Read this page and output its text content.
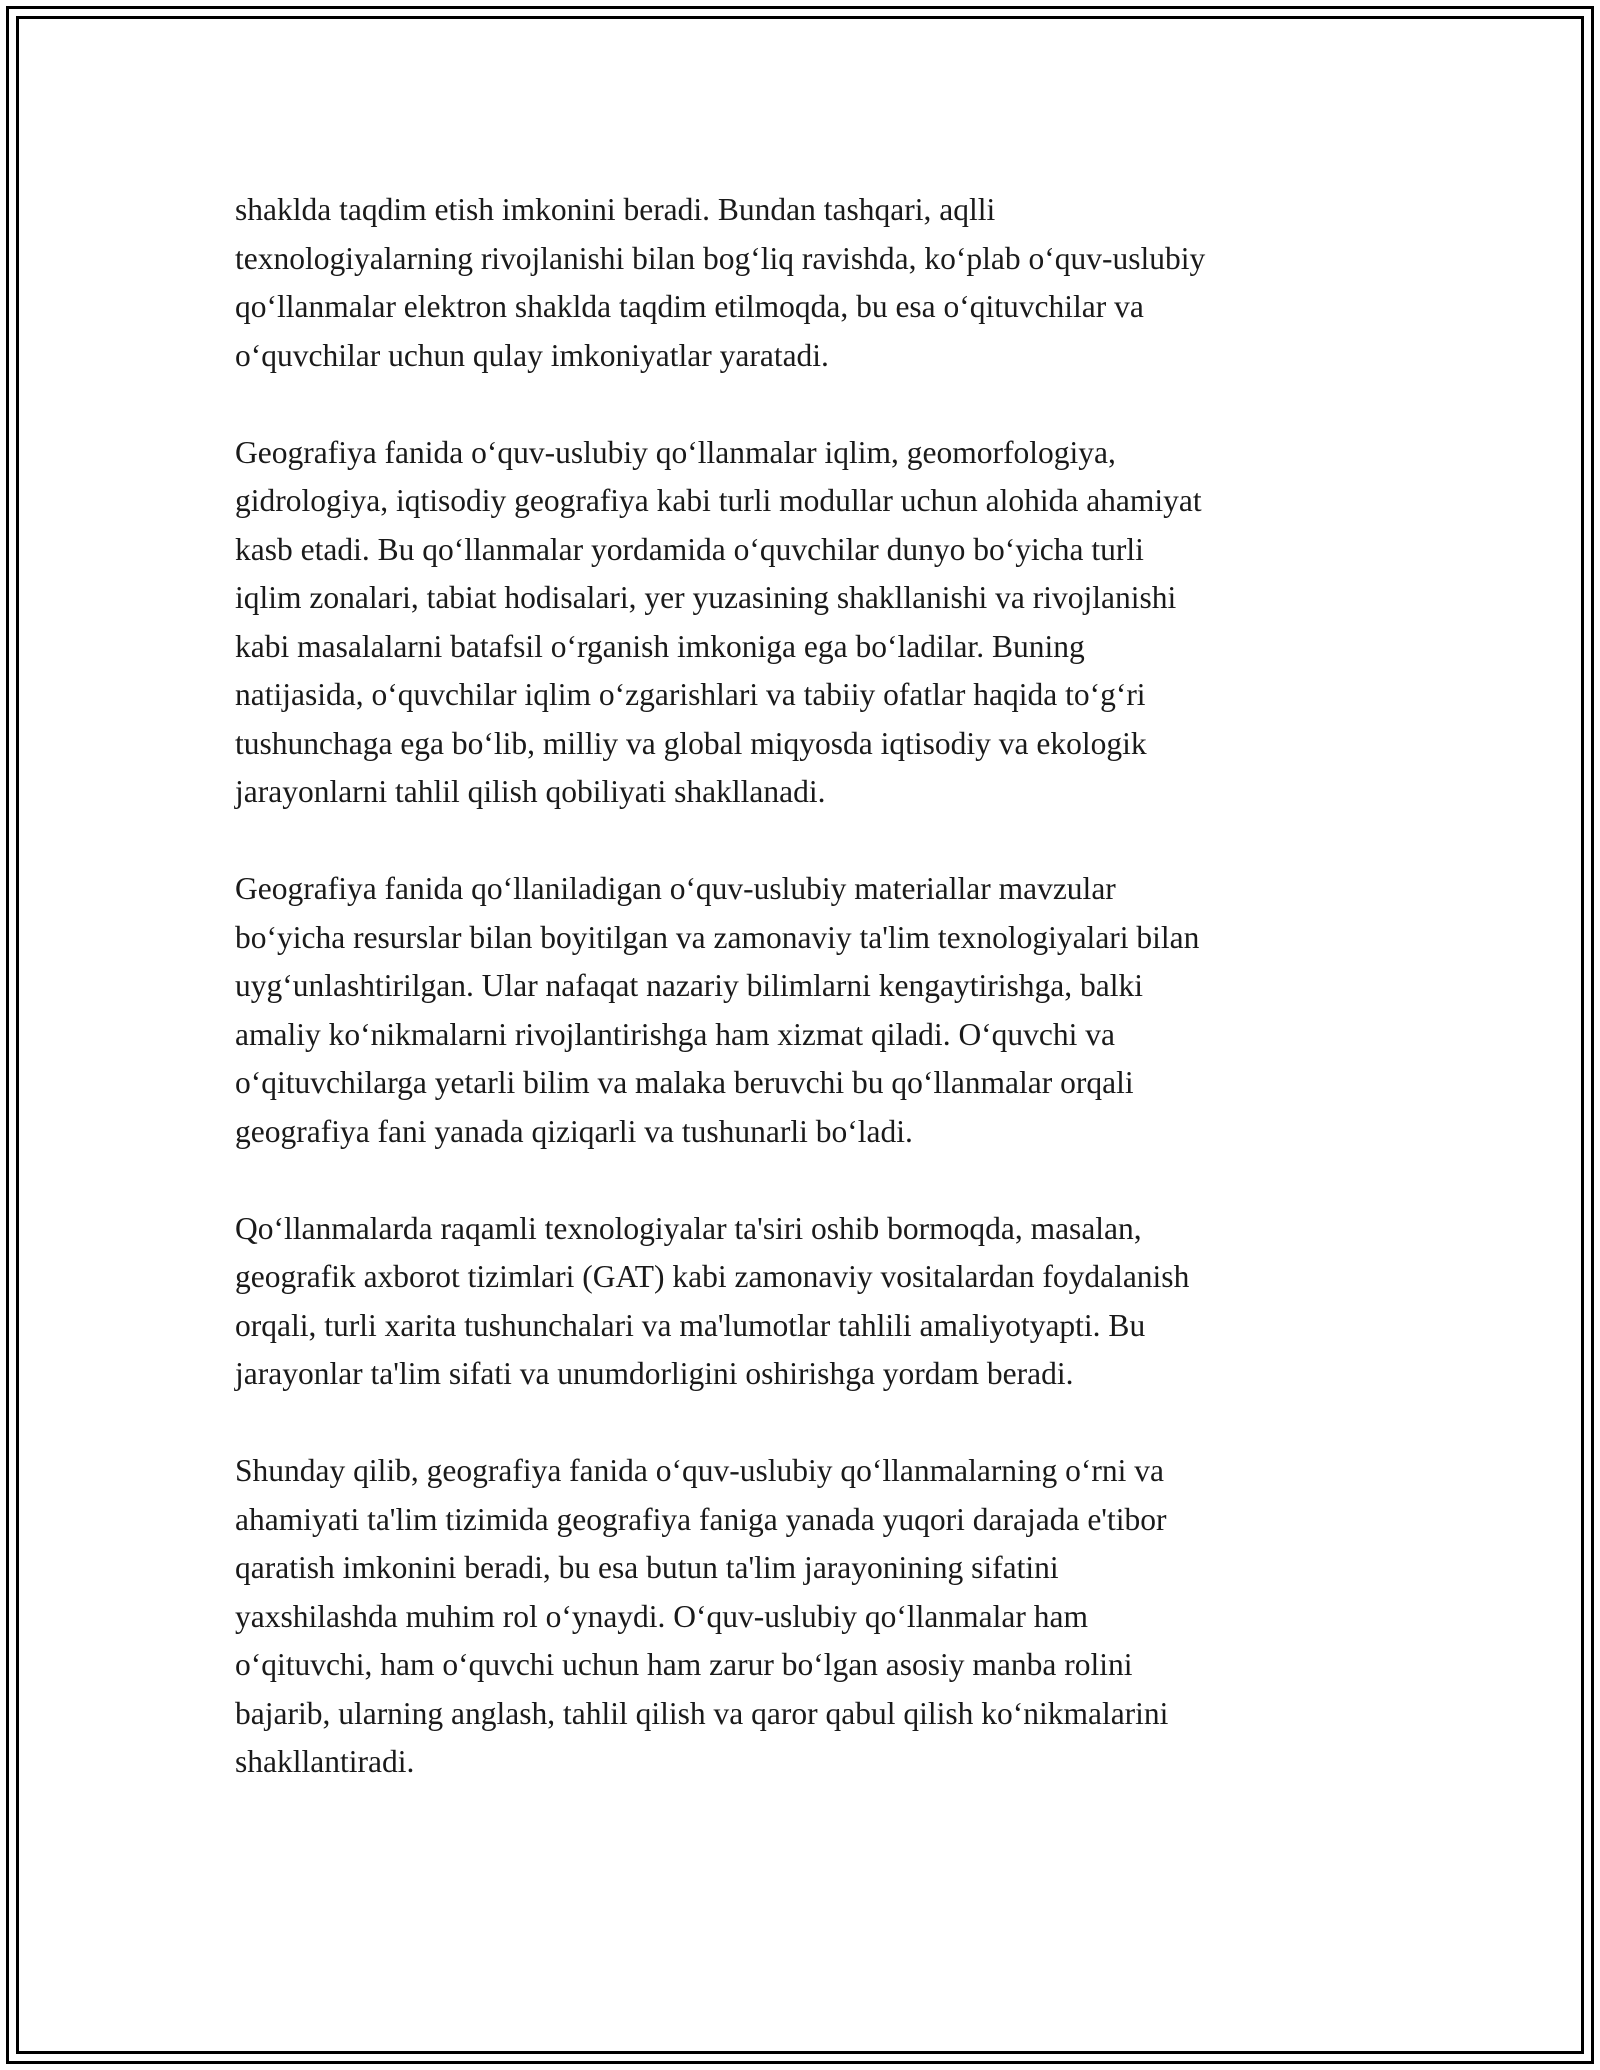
shaklda taqdim etish imkonini beradi. Bundan tashqari, aqlli
texnologiyalarning rivojlanishi bilan bog‘liq ravishda, ko‘plab o‘quv-uslubiy
qo‘llanmalar elektron shaklda taqdim etilmoqda, bu esa o‘qituvchilar va
o‘quvchilar uchun qulay imkoniyatlar yaratadi.

Geografiya fanida o‘quv-uslubiy qo‘llanmalar iqlim, geomorfologiya,
gidrologiya, iqtisodiy geografiya kabi turli modullar uchun alohida ahamiyat
kasb etadi. Bu qo‘llanmalar yordamida o‘quvchilar dunyo bo‘yicha turli
iqlim zonalari, tabiat hodisalari, yer yuzasining shakllanishi va rivojlanishi
kabi masalalarni batafsil o‘rganish imkoniga ega bo‘ladilar. Buning
natijasida, o‘quvchilar iqlim o‘zgarishlari va tabiiy ofatlar haqida to‘g‘ri
tushunchaga ega bo‘lib, milliy va global miqyosda iqtisodiy va ekologik
jarayonlarni tahlil qilish qobiliyati shakllanadi.

Geografiya fanida qo‘llaniladigan o‘quv-uslubiy materiallar mavzular
bo‘yicha resurslar bilan boyitilgan va zamonaviy ta'lim texnologiyalari bilan
uyg‘unlashtirilgan. Ular nafaqat nazariy bilimlarni kengaytirishga, balki
amaliy ko‘nikmalarni rivojlantirishga ham xizmat qiladi. O‘quvchi va
o‘qituvchilarga yetarli bilim va malaka beruvchi bu qo‘llanmalar orqali
geografiya fani yanada qiziqarli va tushunarli bo‘ladi.

Qo‘llanmalarda raqamli texnologiyalar ta'siri oshib bormoqda, masalan,
geografik axborot tizimlari (GAT) kabi zamonaviy vositalardan foydalanish
orqali, turli xarita tushunchalari va ma'lumotlar tahlili amaliyotyapti. Bu
jarayonlar ta'lim sifati va unumdorligini oshirishga yordam beradi.

Shunday qilib, geografiya fanida o‘quv-uslubiy qo‘llanmalarning o‘rni va
ahamiyati ta'lim tizimida geografiya faniga yanada yuqori darajada e'tibor
qaratish imkonini beradi, bu esa butun ta'lim jarayonining sifatini
yaxshilashda muhim rol o‘ynaydi. O‘quv-uslubiy qo‘llanmalar ham
o‘qituvchi, ham o‘quvchi uchun ham zarur bo‘lgan asosiy manba rolini
bajarib, ularning anglash, tahlil qilish va qaror qabul qilish ko‘nikmalarini
shakllantiradi.
